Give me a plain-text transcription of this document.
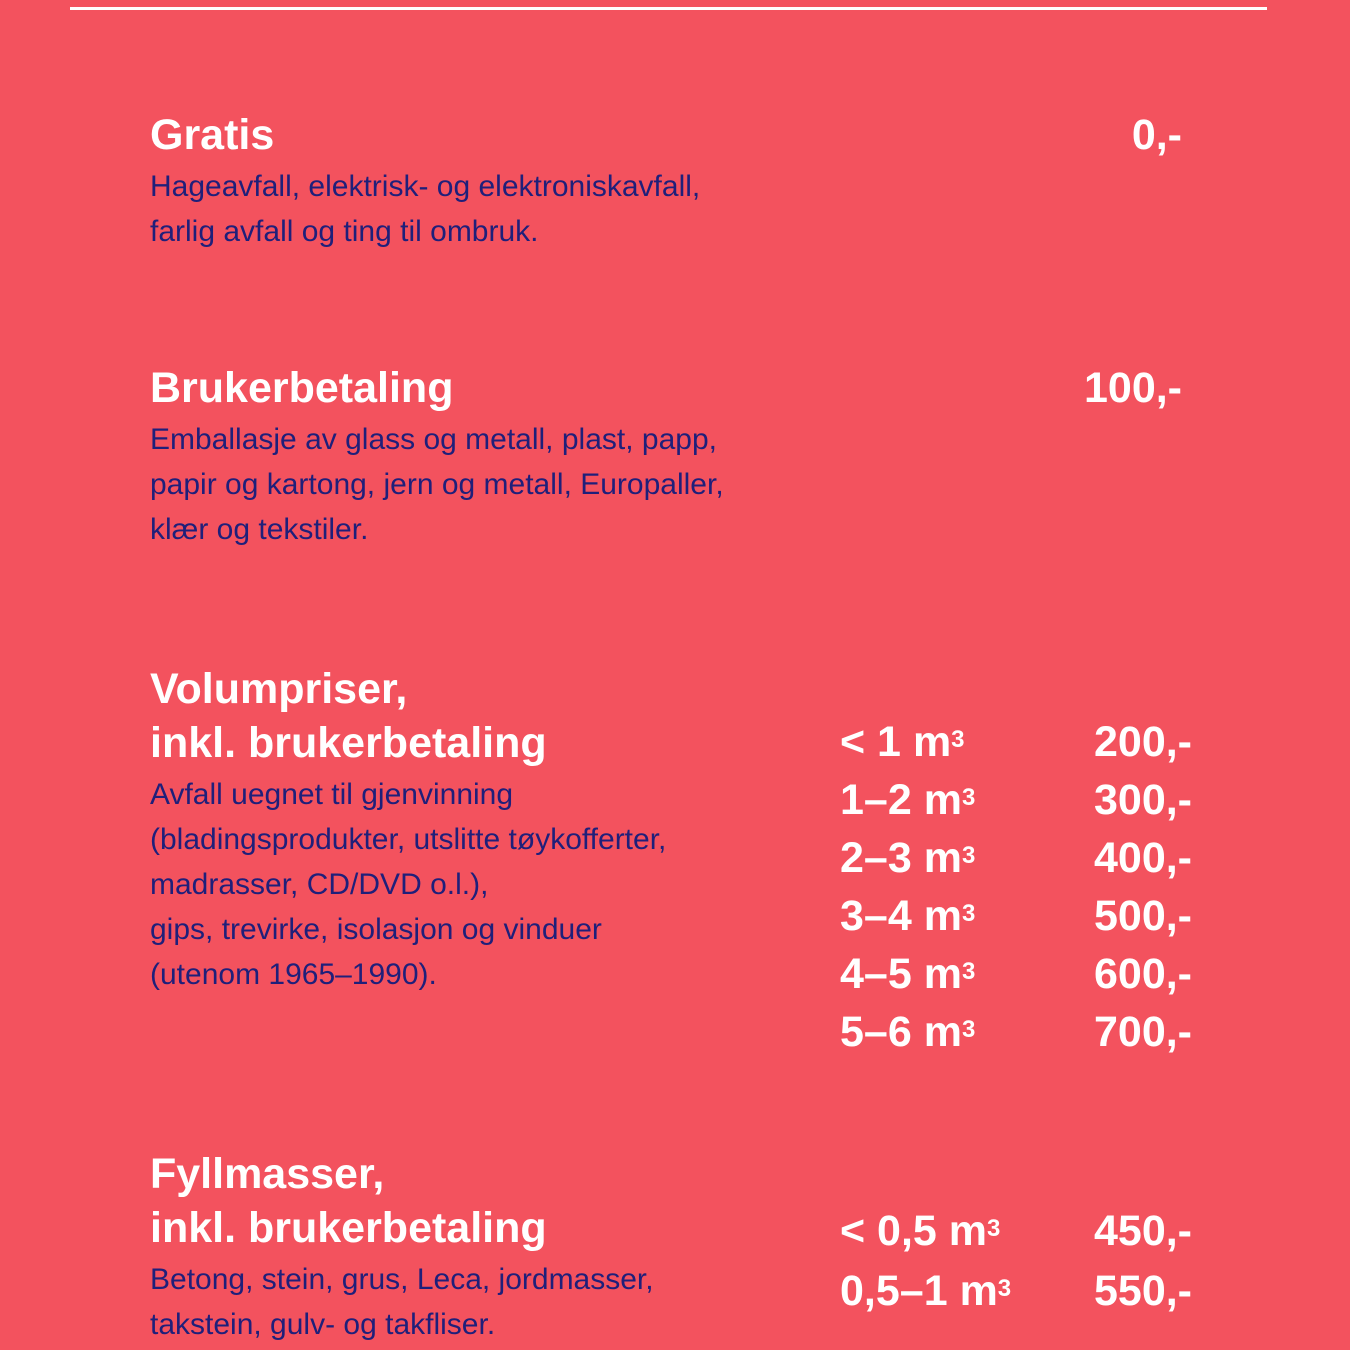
Gratis	0,-
Hageavfall, elektrisk- og elektroniskavfall,
farlig avfall og ting til ombruk.
Brukerbetaling	100,-
Emballasje av glass og metall, plast, papp,
papir og kartong, jern og metall, Europaller,
klær og tekstiler.
Volumpriser,
inkl. brukerbetaling
Avfall uegnet til gjenvinning
(bladingsprodukter, utslitte tøykofferter,
madrasser, CD/DVD o.l.),
gips, trevirke, isolasjon og vinduer
(utenom 1965–1990).
< 1 $m^3$	200,-
1–2 $m^3$	300,-
2–3 $m^3$	400,-
3–4 $m^3$	500,-
4–5 $m^3$	600,-
5–6 $m^3$	700,-
Fyllmasser,
inkl. brukerbetaling
Betong, stein, grus, Leca, jordmasser,
takstein, gulv- og takfliser.
< 0,5 $m^3$ 450,-
0,5–1 $m^3$ 550,-
